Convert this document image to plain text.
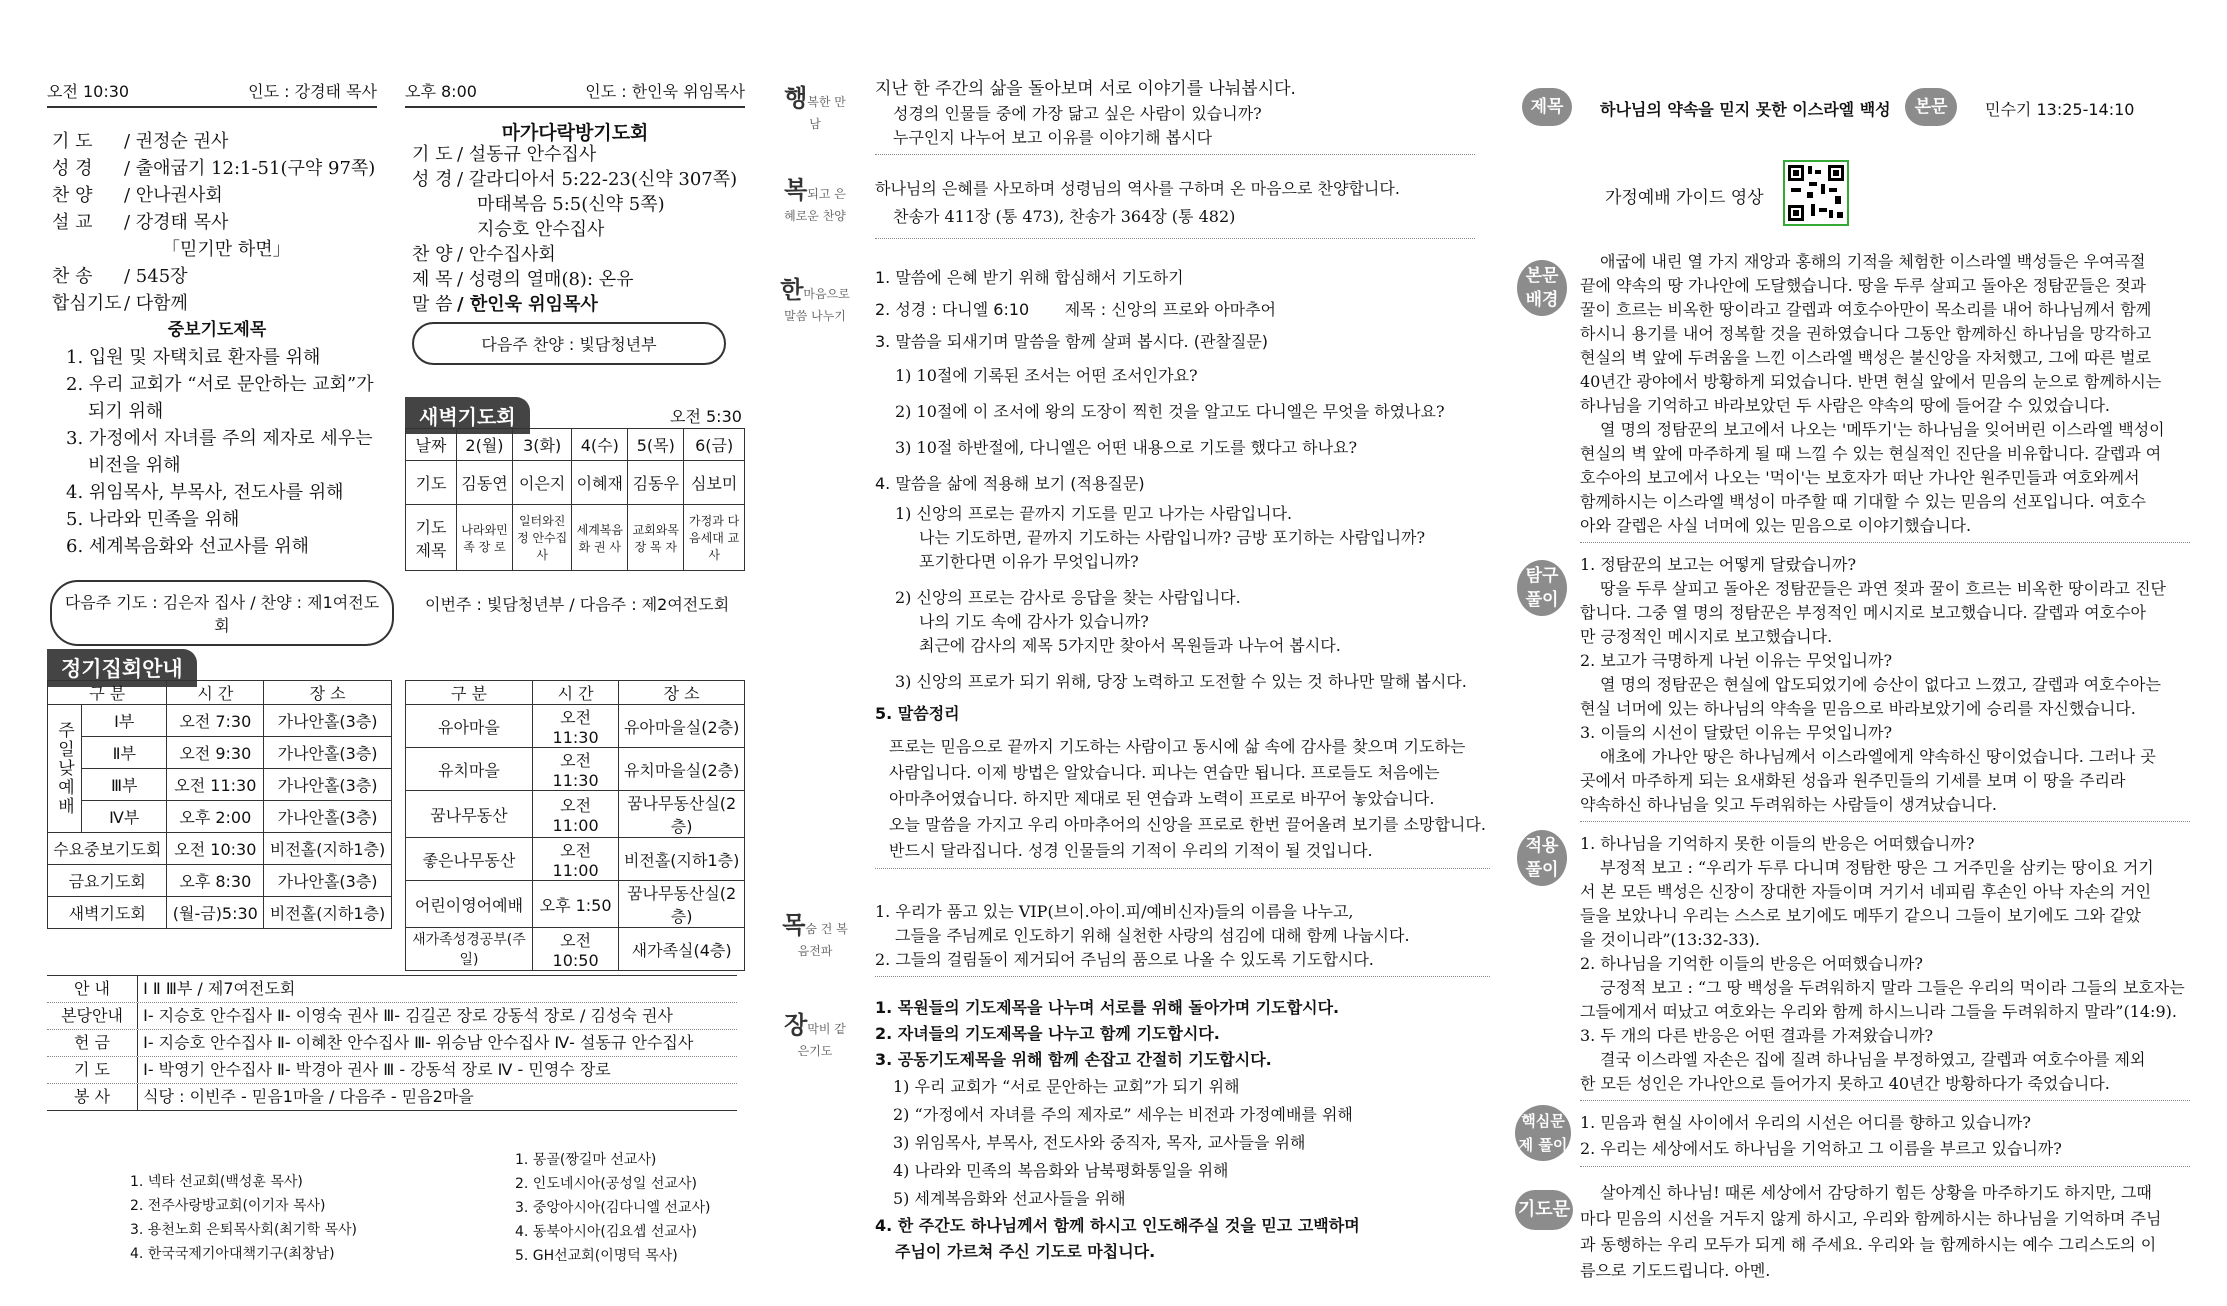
오전 10:30	인도 : 강경태 목사
기 도 / 권정순 권사
성 경 / 출애굽기 12:1-51(구약 97쪽)
찬 양 / 안나권사회
설 교 / 강경태 목사
「믿기만 하면」
찬 송 / 545장
합심기도 / 다함께
중보기도제목
1. 입원 및 자택치료 환자를 위해
2. 우리 교회가 “서로 문안하는 교회”가
되기 위해
3. 가정에서 자녀를 주의 제자로 세우는
비전을 위해
4. 위임목사, 부목사, 전도사를 위해
5. 나라와 민족을 위해
6. 세계복음화와 선교사를 위해
다음주 기도 : 김은자 집사 / 찬양 : 제1여전도회
오후 8:00	인도 : 한인욱 위임목사
마가다락방기도회
기 도 / 설동규 안수집사
성 경 / 갈라디아서 5:22-23(신약 307쪽)
마태복음 5:5(신약 5쪽)
지승호 안수집사
찬 양 / 안수집사회
제 목 / 성령의 열매(8): 온유
말 씀 / 한인욱 위임목사
다음주 찬양 : 빛담청년부
새벽기도회	오전 5:30
날짜	2(월)	3(화)	4(수)	5(목)	6(금)
기도	김동연	이은지	이혜재	김동우	심보미
기도 제목	나라와민족 장 로	일터와진정 안수집사	세계복음화 권 사	교회와목장 목 자	가정과 다음세대 교 사
이번주 : 빛담청년부 / 다음주 : 제2여전도회
정기집회안내
구 분		시 간	장 소
주일낮예배	Ⅰ부	오전 7:30	가나안홀(3층)
	Ⅱ부	오전 9:30	가나안홀(3층)
	Ⅲ부	오전 11:30	가나안홀(3층)
	Ⅳ부	오후 2:00	가나안홀(3층)
수요중보기도회		오전 10:30	비전홀(지하1층)
금요기도회		오후 8:30	가나안홀(3층)
새벽기도회		(월-금)5:30	비전홀(지하1층)
구 분	시 간	장 소
유아마을	오전 11:30	유아마을실(2층)
유치마을	오전 11:30	유치마을실(2층)
꿈나무동산	오전 11:00	꿈나무동산실(2층)
좋은나무동산	오전 11:00	비전홀(지하1층)
어린이영어예배	오후 1:50	꿈나무동산실(2층)
새가족성경공부(주일)	오전 10:50	새가족실(4층)
안 내 Ⅰ Ⅱ Ⅲ부 / 제7여전도회
본당안내 Ⅰ- 지승호 안수집사 Ⅱ- 이영숙 권사 Ⅲ- 김길곤 장로 강동석 장로 / 김성숙 권사
헌 금 Ⅰ- 지승호 안수집사 Ⅱ- 이혜찬 안수집사 Ⅲ- 위승남 안수집사 Ⅳ- 설동규 안수집사
기 도 Ⅰ- 박영기 안수집사 Ⅱ- 박경아 권사 Ⅲ - 강동석 장로 Ⅳ - 민영수 장로
봉 사 식당 : 이빈주 - 믿음1마을 / 다음주 - 믿음2마을
1. 넥타 선교회(백성훈 목사)
2. 전주사랑방교회(이기자 목사)
3. 용천노회 은퇴목사회(최기학 목사)
4. 한국국제기아대책기구(최창남)
1. 몽골(짱길마 선교사)
2. 인도네시아(공성일 선교사)
3. 중앙아시아(김다니엘 선교사)
4. 동북아시아(김요셉 선교사)
5. GH선교회(이명덕 목사)
행복한 만남
지난 한 주간의 삶을 돌아보며 서로 이야기를 나눠봅시다.
성경의 인물들 중에 가장 닮고 싶은 사람이 있습니까?
누구인지 나누어 보고 이유를 이야기해 봅시다
복되고 은혜로운 찬양
하나님의 은혜를 사모하며 성령님의 역사를 구하며 온 마음으로 찬양합니다.
찬송가 411장 (통 473), 찬송가 364장 (통 482)
한마음으로 말씀 나누기
1. 말씀에 은혜 받기 위해 합심해서 기도하기
2. 성경 : 다니엘 6:10       제목 : 신앙의 프로와 아마추어
3. 말씀을 되새기며 말씀을 함께 살펴 봅시다. (관찰질문)
1) 10절에 기록된 조서는 어떤 조서인가요?
2) 10절에 이 조서에 왕의 도장이 찍힌 것을 알고도 다니엘은 무엇을 하였나요?
3) 10절 하반절에, 다니엘은 어떤 내용으로 기도를 했다고 하나요?
4. 말씀을 삶에 적용해 보기 (적용질문)
1) 신앙의 프로는 끝까지 기도를 믿고 나가는 사람입니다.
나는 기도하면, 끝까지 기도하는 사람입니까? 금방 포기하는 사람입니까?
포기한다면 이유가 무엇입니까?
2) 신앙의 프로는 감사로 응답을 찾는 사람입니다.
나의 기도 속에 감사가 있습니까?
최근에 감사의 제목 5가지만 찾아서 목원들과 나누어 봅시다.
3) 신앙의 프로가 되기 위해, 당장 노력하고 도전할 수 있는 것 하나만 말해 봅시다.
5. 말씀정리
프로는 믿음으로 끝까지 기도하는 사람이고 동시에 삶 속에 감사를 찾으며 기도하는
사람입니다. 이제 방법은 알았습니다. 피나는 연습만 됩니다. 프로들도 처음에는
아마추어였습니다. 하지만 제대로 된 연습과 노력이 프로로 바꾸어 놓았습니다.
오늘 말씀을 가지고 우리 아마추어의 신앙을 프로로 한번 끌어올려 보기를 소망합니다.
반드시 달라집니다. 성경 인물들의 기적이 우리의 기적이 될 것입니다.
목숨 건 복음전파
1. 우리가 품고 있는 VIP(브이.아이.피/예비신자)들의 이름을 나누고,
그들을 주님께로 인도하기 위해 실천한 사랑의 섬김에 대해 함께 나눕시다.
2. 그들의 걸림돌이 제거되어 주님의 품으로 나올 수 있도록 기도합시다.
장막비 같은기도
1. 목원들의 기도제목을 나누며 서로를 위해 돌아가며 기도합시다.
2. 자녀들의 기도제목을 나누고 함께 기도합시다.
3. 공동기도제목을 위해 함께 손잡고 간절히 기도합시다.
1) 우리 교회가 “서로 문안하는 교회”가 되기 위해
2) “가정에서 자녀를 주의 제자로” 세우는 비전과 가정예배를 위해
3) 위임목사, 부목사, 전도사와 중직자, 목자, 교사들을 위해
4) 나라와 민족의 복음화와 남북평화통일을 위해
5) 세계복음화와 선교사들을 위해
4. 한 주간도 하나님께서 함께 하시고 인도해주실 것을 믿고 고백하며
주님이 가르쳐 주신 기도로 마칩니다.
제목	하나님의 약속을 믿지 못한 이스라엘 백성	본문	민수기 13:25-14:10
가정예배 가이드 영상
본문 배경
애굽에 내린 열 가지 재앙과 홍해의 기적을 체험한 이스라엘 백성들은 우여곡절
끝에 약속의 땅 가나안에 도달했습니다. 땅을 두루 살피고 돌아온 정탐꾼들은 젖과
꿀이 흐르는 비옥한 땅이라고 갈렙과 여호수아만이 목소리를 내어 하나님께서 함께
하시니 용기를 내어 정복할 것을 권하였습니다 그동안 함께하신 하나님을 망각하고
현실의 벽 앞에 두려움을 느낀 이스라엘 백성은 불신앙을 자처했고, 그에 따른 벌로
40년간 광야에서 방황하게 되었습니다. 반면 현실 앞에서 믿음의 눈으로 함께하시는
하나님을 기억하고 바라보았던 두 사람은 약속의 땅에 들어갈 수 있었습니다.
열 명의 정탐꾼의 보고에서 나오는 '메뚜기'는 하나님을 잊어버린 이스라엘 백성이
현실의 벽 앞에 마주하게 될 때 느낄 수 있는 현실적인 진단을 비유합니다. 갈렙과 여
호수아의 보고에서 나오는 '먹이'는 보호자가 떠난 가나안 원주민들과 여호와께서
함께하시는 이스라엘 백성이 마주할 때 기대할 수 있는 믿음의 선포입니다. 여호수
아와 갈렙은 사실 너머에 있는 믿음으로 이야기했습니다.
탐구 풀이
1. 정탐꾼의 보고는 어떻게 달랐습니까?
땅을 두루 살피고 돌아온 정탐꾼들은 과연 젖과 꿀이 흐르는 비옥한 땅이라고 진단
합니다. 그중 열 명의 정탐꾼은 부정적인 메시지로 보고했습니다. 갈렙과 여호수아
만 긍정적인 메시지로 보고했습니다.
2. 보고가 극명하게 나뉜 이유는 무엇입니까?
열 명의 정탐꾼은 현실에 압도되었기에 승산이 없다고 느꼈고, 갈렙과 여호수아는
현실 너머에 있는 하나님의 약속을 믿음으로 바라보았기에 승리를 자신했습니다.
3. 이들의 시선이 달랐던 이유는 무엇입니까?
애초에 가나안 땅은 하나님께서 이스라엘에게 약속하신 땅이었습니다. 그러나 곳
곳에서 마주하게 되는 요새화된 성읍과 원주민들의 기세를 보며 이 땅을 주리라
약속하신 하나님을 잊고 두려워하는 사람들이 생겨났습니다.
적용 풀이
1. 하나님을 기억하지 못한 이들의 반응은 어떠했습니까?
부정적 보고 : “우리가 두루 다니며 정탐한 땅은 그 거주민을 삼키는 땅이요 거기
서 본 모든 백성은 신장이 장대한 자들이며 거기서 네피림 후손인 아낙 자손의 거인
들을 보았나니 우리는 스스로 보기에도 메뚜기 같으니 그들이 보기에도 그와 같았
을 것이니라”(13:32-33).
2. 하나님을 기억한 이들의 반응은 어떠했습니까?
긍정적 보고 : “그 땅 백성을 두려워하지 말라 그들은 우리의 먹이라 그들의 보호자는
그들에게서 떠났고 여호와는 우리와 함께 하시느니라 그들을 두려워하지 말라”(14:9).
3. 두 개의 다른 반응은 어떤 결과를 가져왔습니까?
결국 이스라엘 자손은 집에 질려 하나님을 부정하였고, 갈렙과 여호수아를 제외
한 모든 성인은 가나안으로 들어가지 못하고 40년간 방황하다가 죽었습니다.
핵심문제 풀이
1. 믿음과 현실 사이에서 우리의 시선은 어디를 향하고 있습니까?
2. 우리는 세상에서도 하나님을 기억하고 그 이름을 부르고 있습니까?
기도문
살아계신 하나님! 때론 세상에서 감당하기 힘든 상황을 마주하기도 하지만, 그때
마다 믿음의 시선을 거두지 않게 하시고, 우리와 함께하시는 하나님을 기억하며 주님
과 동행하는 우리 모두가 되게 해 주세요. 우리와 늘 함께하시는 예수 그리스도의 이
름으로 기도드립니다. 아멘.
